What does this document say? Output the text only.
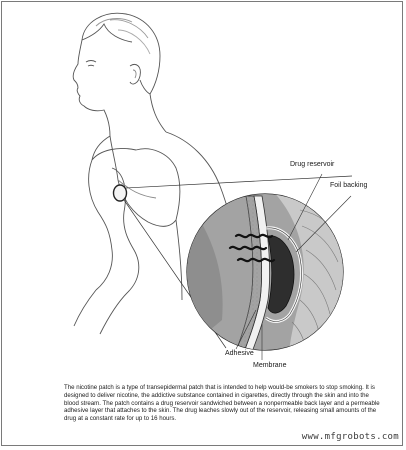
Drug reservoir
Foil backing
Adhesive
Membrane
The nicotine patch is a type of transepidermal patch that is intended to help would-be smokers to stop smoking. It is designed to deliver nicotine, the addictive substance contained in cigarettes, directly through the skin and into the blood stream. The patch contains a drug reservoir sandwiched between a nonpermeable back layer and a permeable adhesive layer that attaches to the skin. The drug leaches slowly out of the reservoir, releasing small amounts of the drug at a constant rate for up to 16 hours.
www.mfgrobots.com
